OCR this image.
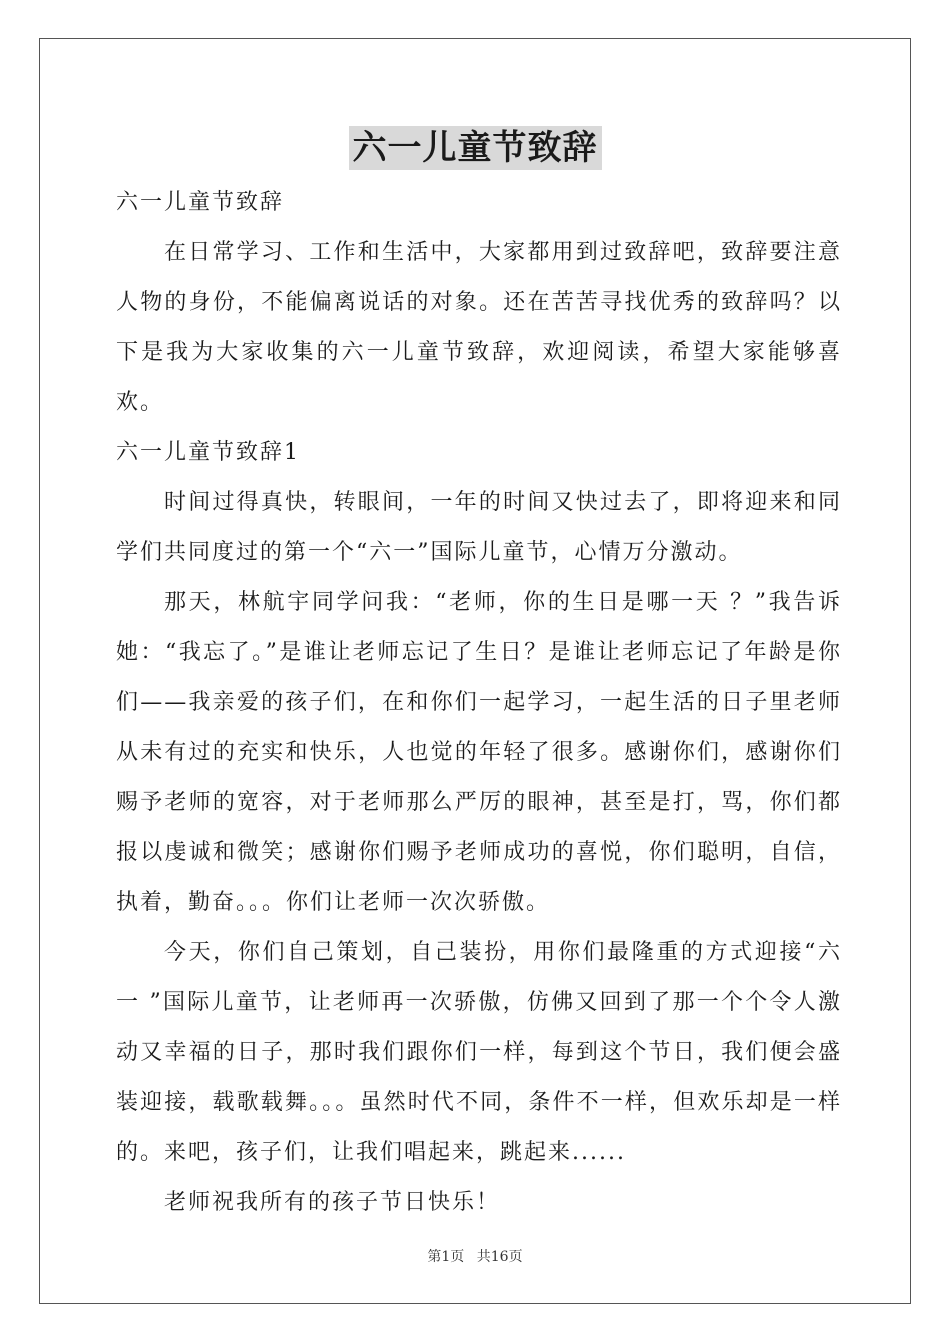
六一儿童节致辞

六一儿童节致辞

在日常学习、工作和生活中，大家都用到过致辞吧，致辞要注意人物的身份，不能偏离说话的对象。还在苦苦寻找优秀的致辞吗？以下是我为大家收集的六一儿童节致辞，欢迎阅读，希望大家能够喜欢。

六一儿童节致辞1

时间过得真快，转眼间，一年的时间又快过去了，即将迎来和同学们共同度过的第一个“六一”国际儿童节，心情万分激动。

那天，林航宇同学问我：“老师，你的生日是哪一天 ？”我告诉她：“我忘了。”是谁让老师忘记了生日？是谁让老师忘记了年龄是你们——我亲爱的孩子们，在和你们一起学习，一起生活的日子里老师从未有过的充实和快乐，人也觉的年轻了很多。感谢你们，感谢你们赐予老师的宽容，对于老师那么严厉的眼神，甚至是打，骂，你们都报以虔诚和微笑；感谢你们赐予老师成功的喜悦，你们聪明，自信，执着，勤奋。。。你们让老师一次次骄傲。

今天，你们自己策划，自己装扮，用你们最隆重的方式迎接“六一 ”国际儿童节，让老师再一次骄傲，仿佛又回到了那一个个令人激动又幸福的日子，那时我们跟你们一样，每到这个节日，我们便会盛装迎接，载歌载舞。。。虽然时代不同，条件不一样，但欢乐却是一样的。来吧，孩子们，让我们唱起来，跳起来......

老师祝我所有的孩子节日快乐！

第1页 共16页
